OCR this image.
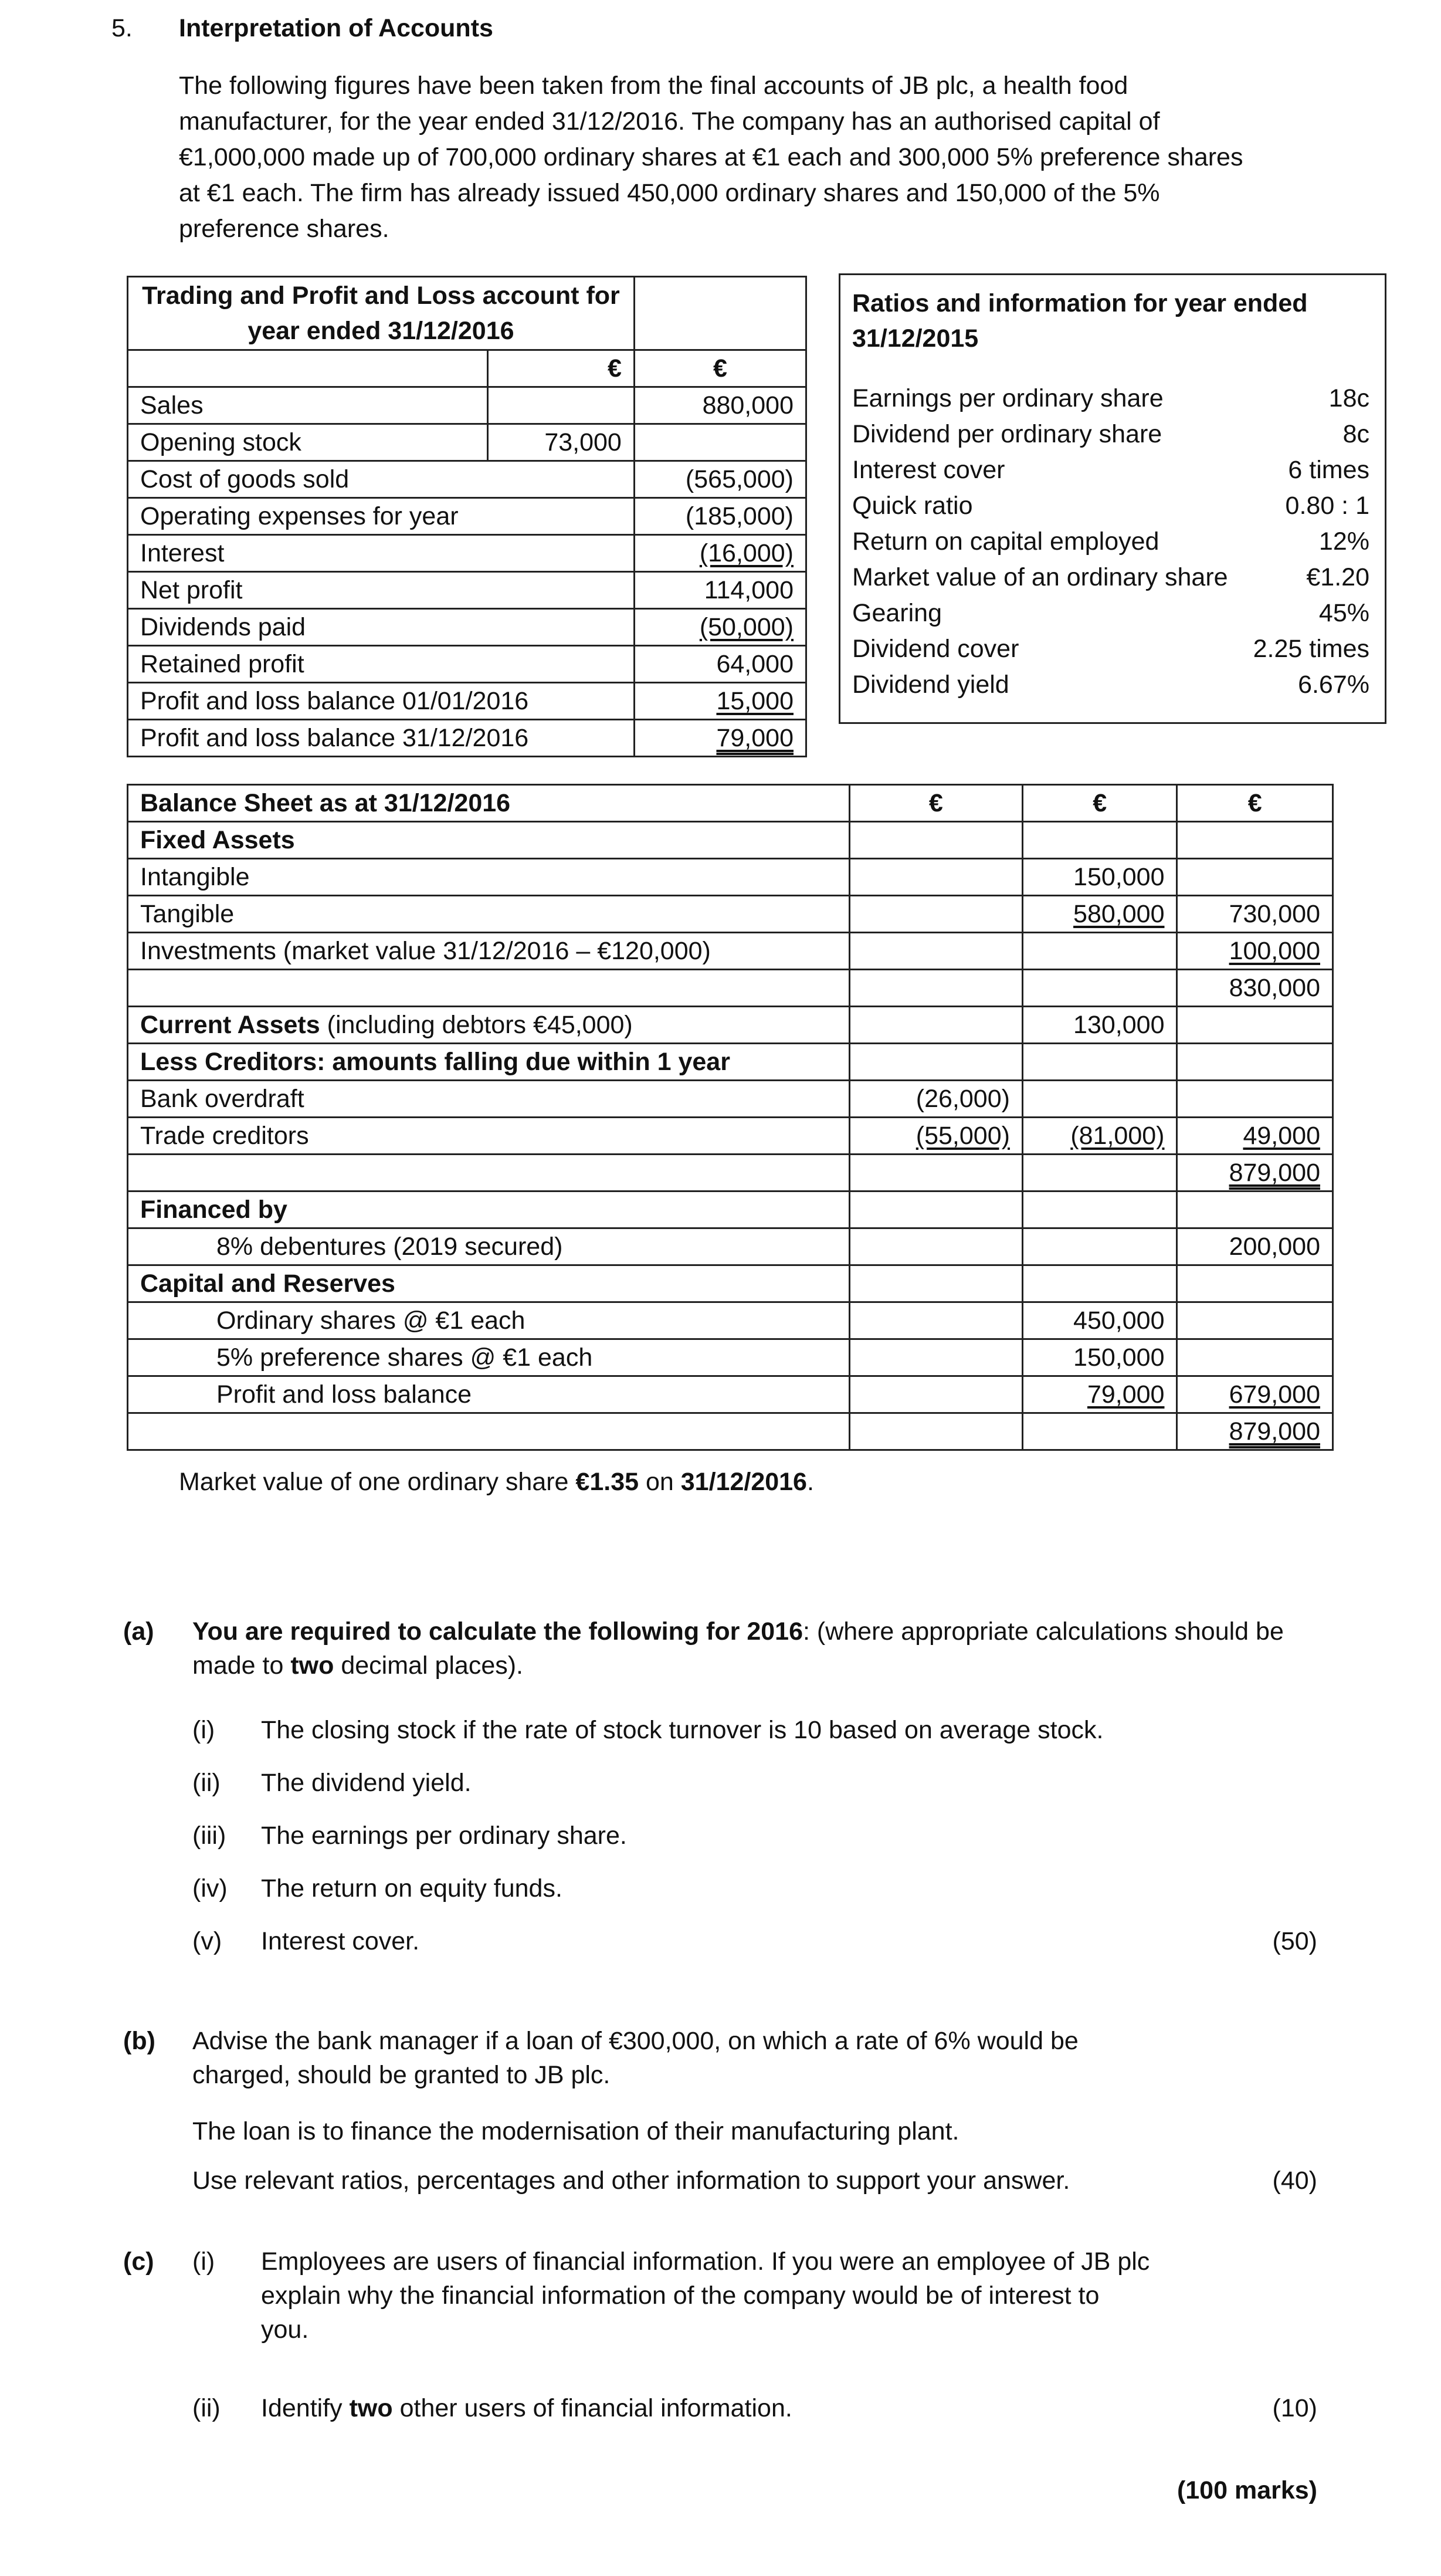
5. Interpretation of Accounts
The following figures have been taken from the final accounts of JB plc, a health food
manufacturer, for the year ended 31/12/2016. The company has an authorised capital of
€1,000,000 made up of 700,000 ordinary shares at €1 each and 300,000 5% preference shares
at €1 each. The firm has already issued 450,000 ordinary shares and 150,000 of the 5%
preference shares.
Trading and Profit and Loss account for
year ended 31/12/2016		

	€	€
Sales		880,000
Opening stock	73,000	
Cost of goods sold		(565,000)
Operating expenses for year		(185,000)
Interest		(16,000)
Net profit		114,000
Dividends paid		(50,000)
Retained profit		64,000
Profit and loss balance 01/01/2016		15,000
Profit and loss balance 31/12/2016		79,000
Ratios and information for year ended
31/12/2015
Earnings per ordinary share	18c
Dividend per ordinary share	8c
Interest cover	6 times
Quick ratio	0.80 : 1
Return on capital employed	12%
Market value of an ordinary share	€1.20
Gearing	45%
Dividend cover	2.25 times
Dividend yield	6.67%
Balance Sheet as at 31/12/2016	€	€	€
Fixed Assets			
Intangible		150,000	
Tangible		580,000	730,000
Investments (market value 31/12/2016 – €120,000)			100,000
			830,000
Current Assets (including debtors €45,000)		130,000	
Less Creditors: amounts falling due within 1 year			
Bank overdraft	(26,000)		
Trade creditors	(55,000)	(81,000)	49,000
			879,000
Financed by			
8% debentures (2019 secured)			200,000
Capital and Reserves			
Ordinary shares @ €1 each		450,000	
5% preference shares @ €1 each		150,000	
Profit and loss balance		79,000	679,000
			879,000
Market value of one ordinary share €1.35 on 31/12/2016.
(a) You are required to calculate the following for 2016: (where appropriate calculations should be
made to two decimal places).
(i) The closing stock if the rate of stock turnover is 10 based on average stock.
(ii) The dividend yield.
(iii) The earnings per ordinary share.
(iv) The return on equity funds.
(v) Interest cover.	(50)
(b) Advise the bank manager if a loan of €300,000, on which a rate of 6% would be
charged, should be granted to JB plc.
The loan is to finance the modernisation of their manufacturing plant.
Use relevant ratios, percentages and other information to support your answer.	(40)
(c) (i) Employees are users of financial information. If you were an employee of JB plc
explain why the financial information of the company would be of interest to
you.
(ii) Identify two other users of financial information.	(10)
(100 marks)
